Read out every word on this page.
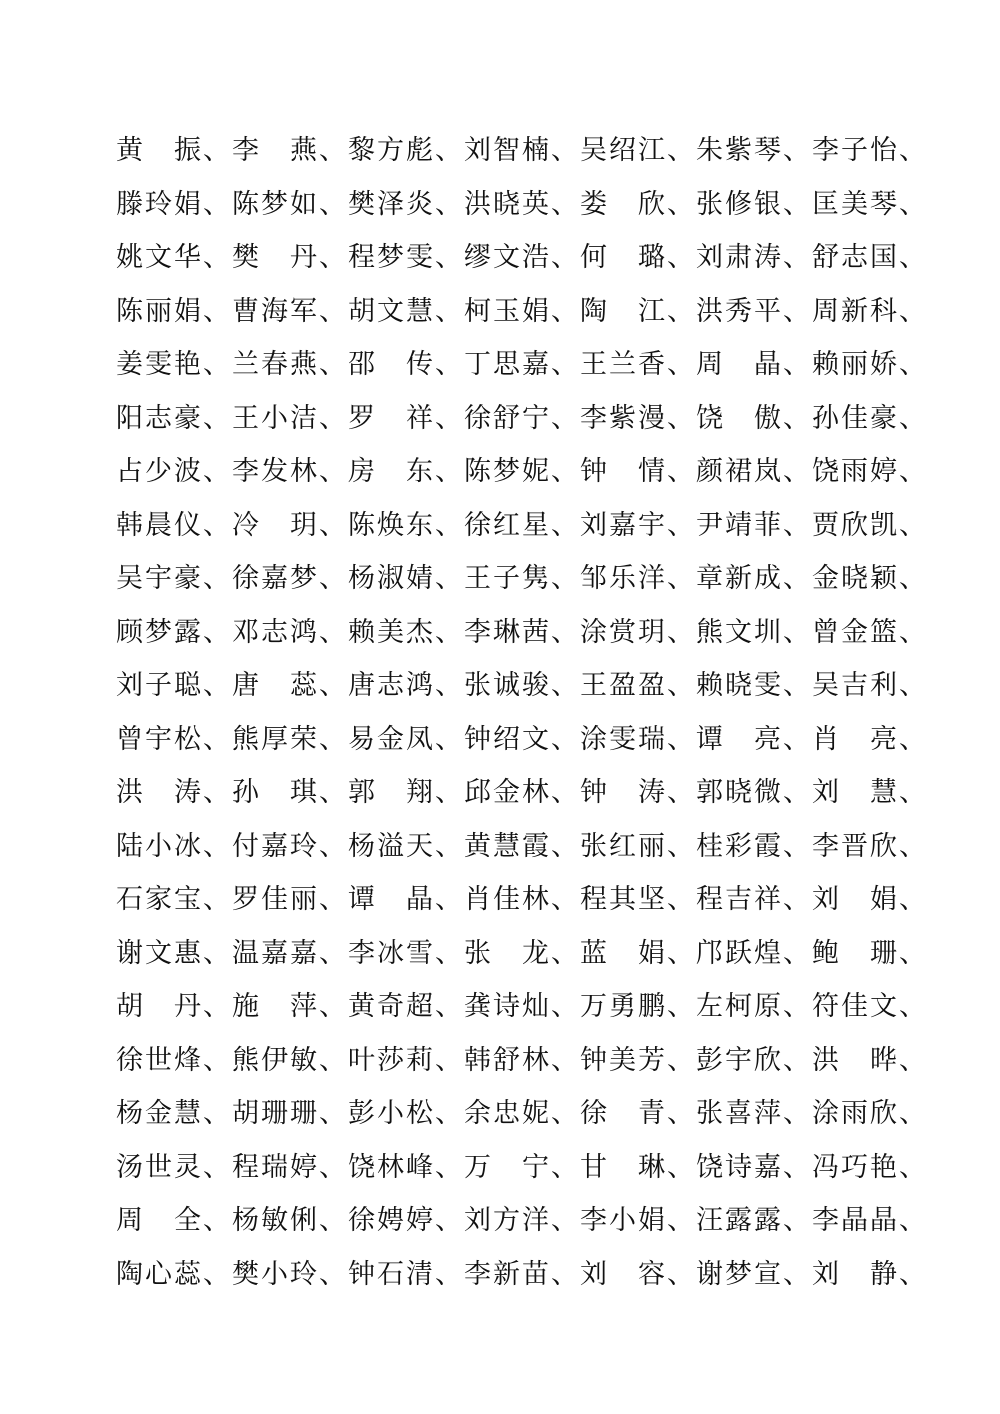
黄　振、李　燕、黎方彪、刘智楠、吴绍江、朱紫琴、李子怡、
滕玲娟、陈梦如、樊泽炎、洪晓英、娄　欣、张修银、匡美琴、
姚文华、樊　丹、程梦雯、缪文浩、何　璐、刘肃涛、舒志国、
陈丽娟、曹海军、胡文慧、柯玉娟、陶　江、洪秀平、周新科、
姜雯艳、兰春燕、邵　传、丁思嘉、王兰香、周　晶、赖丽娇、
阳志豪、王小洁、罗　祥、徐舒宁、李紫漫、饶　傲、孙佳豪、
占少波、李发林、房　东、陈梦妮、钟　情、颜裙岚、饶雨婷、
韩晨仪、冷　玥、陈焕东、徐红星、刘嘉宇、尹靖菲、贾欣凯、
吴宇豪、徐嘉梦、杨淑婧、王子隽、邹乐洋、章新成、金晓颖、
顾梦露、邓志鸿、赖美杰、李琳茜、涂赏玥、熊文圳、曾金篮、
刘子聪、唐　蕊、唐志鸿、张诚骏、王盈盈、赖晓雯、吴吉利、
曾宇松、熊厚荣、易金凤、钟绍文、涂雯瑞、谭　亮、肖　亮、
洪　涛、孙　琪、郭　翔、邱金林、钟　涛、郭晓微、刘　慧、
陆小冰、付嘉玲、杨溢天、黄慧霞、张红丽、桂彩霞、李晋欣、
石家宝、罗佳丽、谭　晶、肖佳林、程其坚、程吉祥、刘　娟、
谢文惠、温嘉嘉、李冰雪、张　龙、蓝　娟、邝跃煌、鲍　珊、
胡　丹、施　萍、黄奇超、龚诗灿、万勇鹏、左柯原、符佳文、
徐世烽、熊伊敏、叶莎莉、韩舒林、钟美芳、彭宇欣、洪　晔、
杨金慧、胡珊珊、彭小松、余忠妮、徐　青、张喜萍、涂雨欣、
汤世灵、程瑞婷、饶林峰、万　宁、甘　琳、饶诗嘉、冯巧艳、
周　全、杨敏俐、徐娉婷、刘方洋、李小娟、汪露露、李晶晶、
陶心蕊、樊小玲、钟石清、李新苗、刘　容、谢梦宣、刘　静、
